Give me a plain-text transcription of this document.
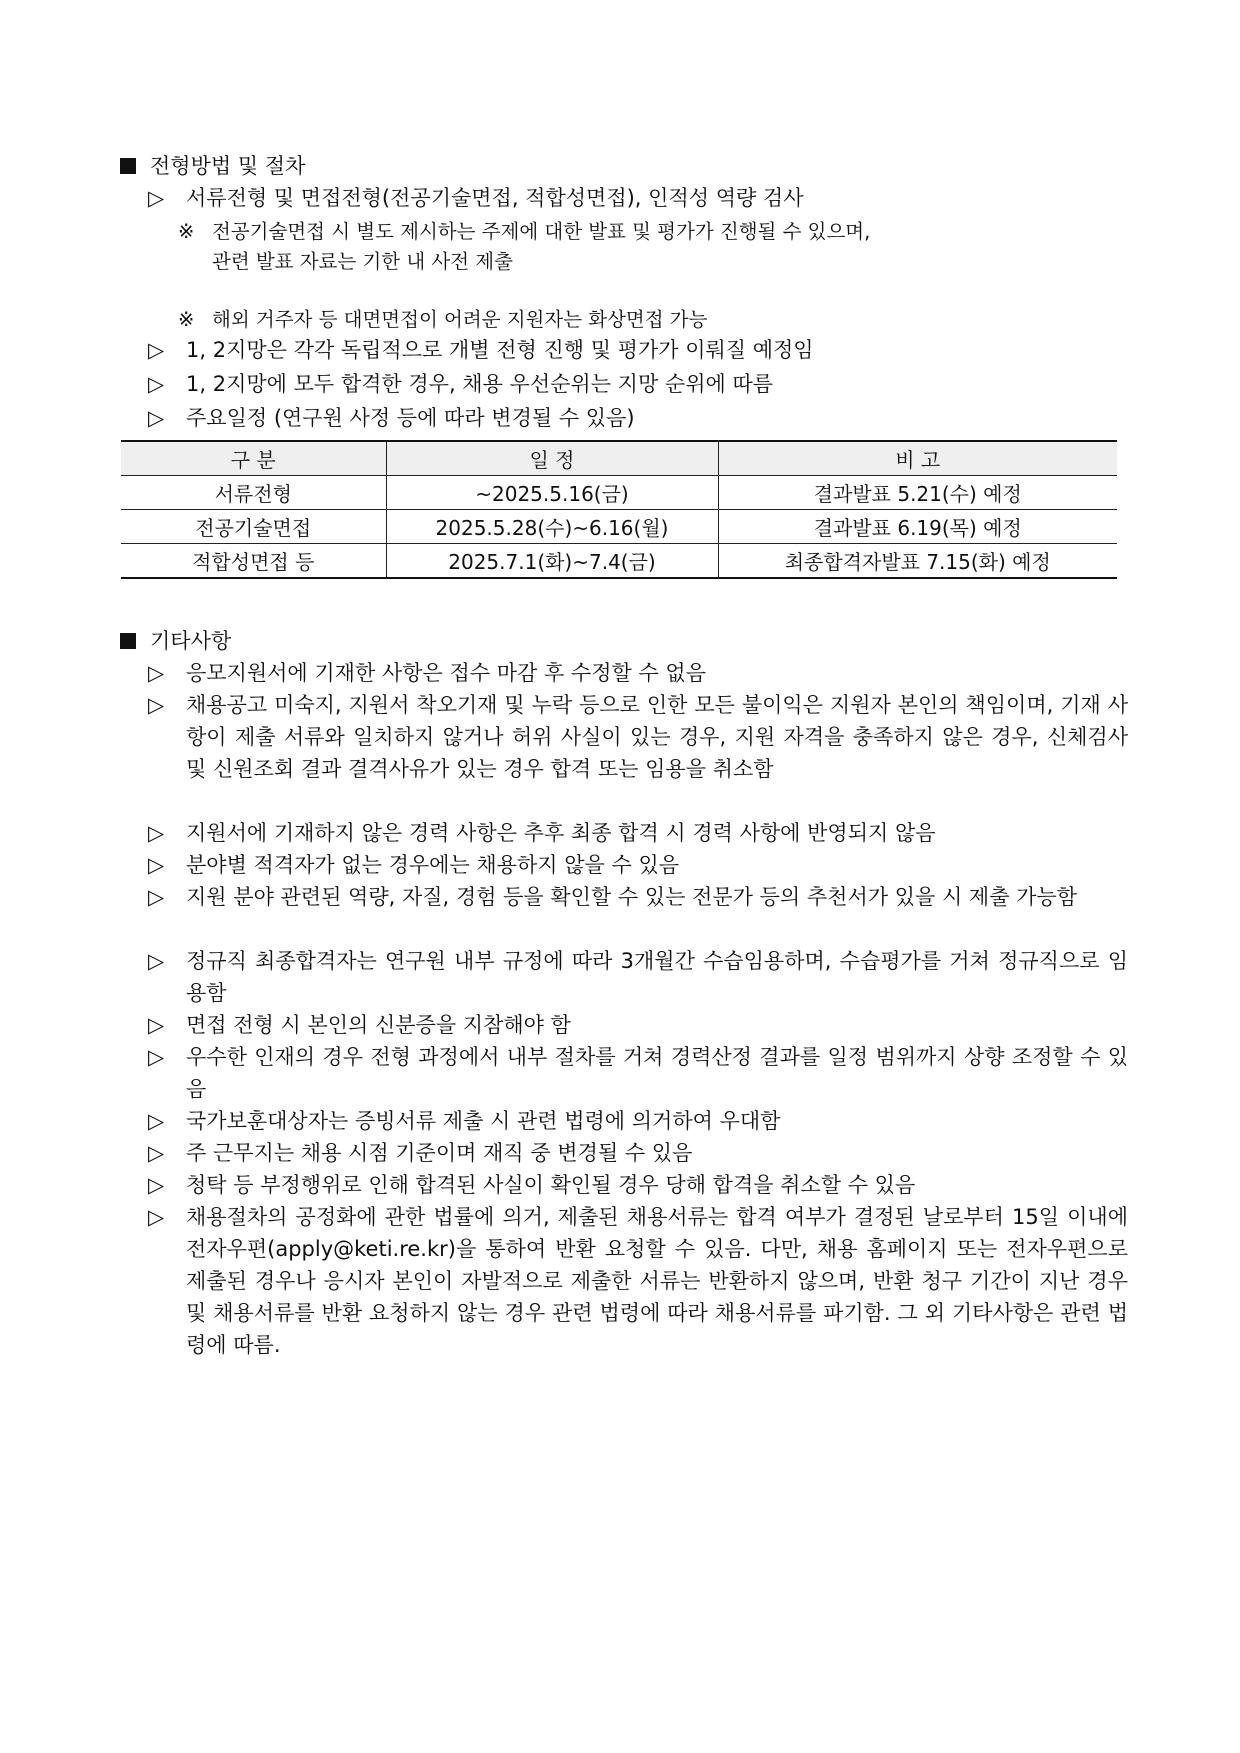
전형방법 및 절차
▷ 서류전형 및 면접전형(전공기술면접, 적합성면접), 인적성 역량 검사
※ 전공기술면접 시 별도 제시하는 주제에 대한 발표 및 평가가 진행될 수 있으며,
관련 발표 자료는 기한 내 사전 제출
※ 해외 거주자 등 대면면접이 어려운 지원자는 화상면접 가능
▷ 1, 2지망은 각각 독립적으로 개별 전형 진행 및 평가가 이뤄질 예정임
▷ 1, 2지망에 모두 합격한 경우, 채용 우선순위는 지망 순위에 따름
▷ 주요일정 (연구원 사정 등에 따라 변경될 수 있음)
구 분	일 정	비 고
서류전형	~2025.5.16(금)	결과발표 5.21(수) 예정
전공기술면접	2025.5.28(수)~6.16(월)	결과발표 6.19(목) 예정
적합성면접 등	2025.7.1(화)~7.4(금)	최종합격자발표 7.15(화) 예정
기타사항
▷ 응모지원서에 기재한 사항은 접수 마감 후 수정할 수 없음
▷ 채용공고 미숙지, 지원서 착오기재 및 누락 등으로 인한 모든 불이익은 지원자 본인의 책임이며, 기재 사항이 제출 서류와 일치하지 않거나 허위 사실이 있는 경우, 지원 자격을 충족하지 않은 경우, 신체검사 및 신원조회 결과 결격사유가 있는 경우 합격 또는 임용을 취소함
▷ 지원서에 기재하지 않은 경력 사항은 추후 최종 합격 시 경력 사항에 반영되지 않음
▷ 분야별 적격자가 없는 경우에는 채용하지 않을 수 있음
▷ 지원 분야 관련된 역량, 자질, 경험 등을 확인할 수 있는 전문가 등의 추천서가 있을 시 제출 가능함
▷ 정규직 최종합격자는 연구원 내부 규정에 따라 3개월간 수습임용하며, 수습평가를 거쳐 정규직으로 임용함
▷ 면접 전형 시 본인의 신분증을 지참해야 함
▷ 우수한 인재의 경우 전형 과정에서 내부 절차를 거쳐 경력산정 결과를 일정 범위까지 상향 조정할 수 있음
▷ 국가보훈대상자는 증빙서류 제출 시 관련 법령에 의거하여 우대함
▷ 주 근무지는 채용 시점 기준이며 재직 중 변경될 수 있음
▷ 청탁 등 부정행위로 인해 합격된 사실이 확인될 경우 당해 합격을 취소할 수 있음
▷ 채용절차의 공정화에 관한 법률에 의거, 제출된 채용서류는 합격 여부가 결정된 날로부터 15일 이내에 전자우편(apply@keti.re.kr)을 통하여 반환 요청할 수 있음. 다만, 채용 홈페이지 또는 전자우편으로 제출된 경우나 응시자 본인이 자발적으로 제출한 서류는 반환하지 않으며, 반환 청구 기간이 지난 경우 및 채용서류를 반환 요청하지 않는 경우 관련 법령에 따라 채용서류를 파기함. 그 외 기타사항은 관련 법령에 따름.
